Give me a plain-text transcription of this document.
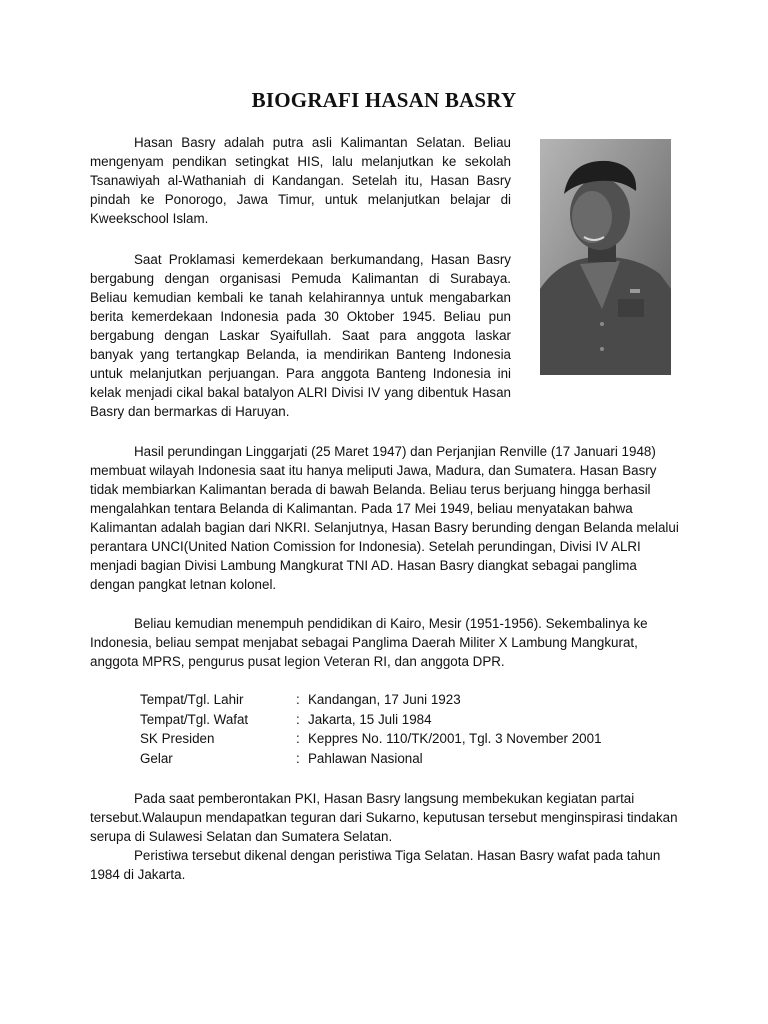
BIOGRAFI HASAN BASRY

Hasan Basry adalah putra asli Kalimantan Selatan. Beliau mengenyam pendikan setingkat HIS, lalu melanjutkan ke sekolah Tsanawiyah al-Wathaniah di Kandangan. Setelah itu, Hasan Basry pindah ke Ponorogo, Jawa Timur, untuk melanjutkan belajar di Kweekschool Islam.

Saat Proklamasi kemerdekaan berkumandang, Hasan Basry bergabung dengan organisasi Pemuda Kalimantan di Surabaya. Beliau kemudian kembali ke tanah kelahirannya untuk mengabarkan berita kemerdekaan Indonesia pada 30 Oktober 1945. Beliau pun bergabung dengan Laskar Syaifullah. Saat para anggota laskar banyak yang tertangkap Belanda, ia mendirikan Banteng Indonesia untuk melanjutkan perjuangan. Para anggota Banteng Indonesia ini kelak menjadi cikal bakal batalyon ALRI Divisi IV yang dibentuk Hasan Basry dan bermarkas di Haruyan.

Hasil perundingan Linggarjati (25 Maret 1947) dan Perjanjian Renville (17 Januari 1948) membuat wilayah Indonesia saat itu hanya meliputi Jawa, Madura, dan Sumatera. Hasan Basry tidak membiarkan Kalimantan berada di bawah Belanda. Beliau terus berjuang hingga berhasil mengalahkan tentara Belanda di Kalimantan. Pada 17 Mei 1949, beliau menyatakan bahwa Kalimantan adalah bagian dari NKRI. Selanjutnya, Hasan Basry berunding dengan Belanda melalui perantara UNCI(United Nation Comission for Indonesia). Setelah perundingan, Divisi IV ALRI menjadi bagian Divisi Lambung Mangkurat TNI AD. Hasan Basry diangkat sebagai panglima dengan pangkat letnan kolonel.

Beliau kemudian menempuh pendidikan di Kairo, Mesir (1951-1956). Sekembalinya ke Indonesia, beliau sempat menjabat sebagai Panglima Daerah Militer X Lambung Mangkurat, anggota MPRS, pengurus pusat legion Veteran RI, dan anggota DPR.

Tempat/Tgl. Lahir	: Kandangan, 17 Juni 1923
Tempat/Tgl. Wafat	: Jakarta, 15 Juli 1984
SK Presiden	: Keppres No. 110/TK/2001, Tgl. 3 November 2001
Gelar	: Pahlawan Nasional

Pada saat pemberontakan PKI, Hasan Basry langsung membekukan kegiatan partai tersebut.Walaupun mendapatkan teguran dari Sukarno, keputusan tersebut menginspirasi tindakan serupa di Sulawesi Selatan dan Sumatera Selatan.

Peristiwa tersebut dikenal dengan peristiwa Tiga Selatan. Hasan Basry wafat pada tahun 1984 di Jakarta.
